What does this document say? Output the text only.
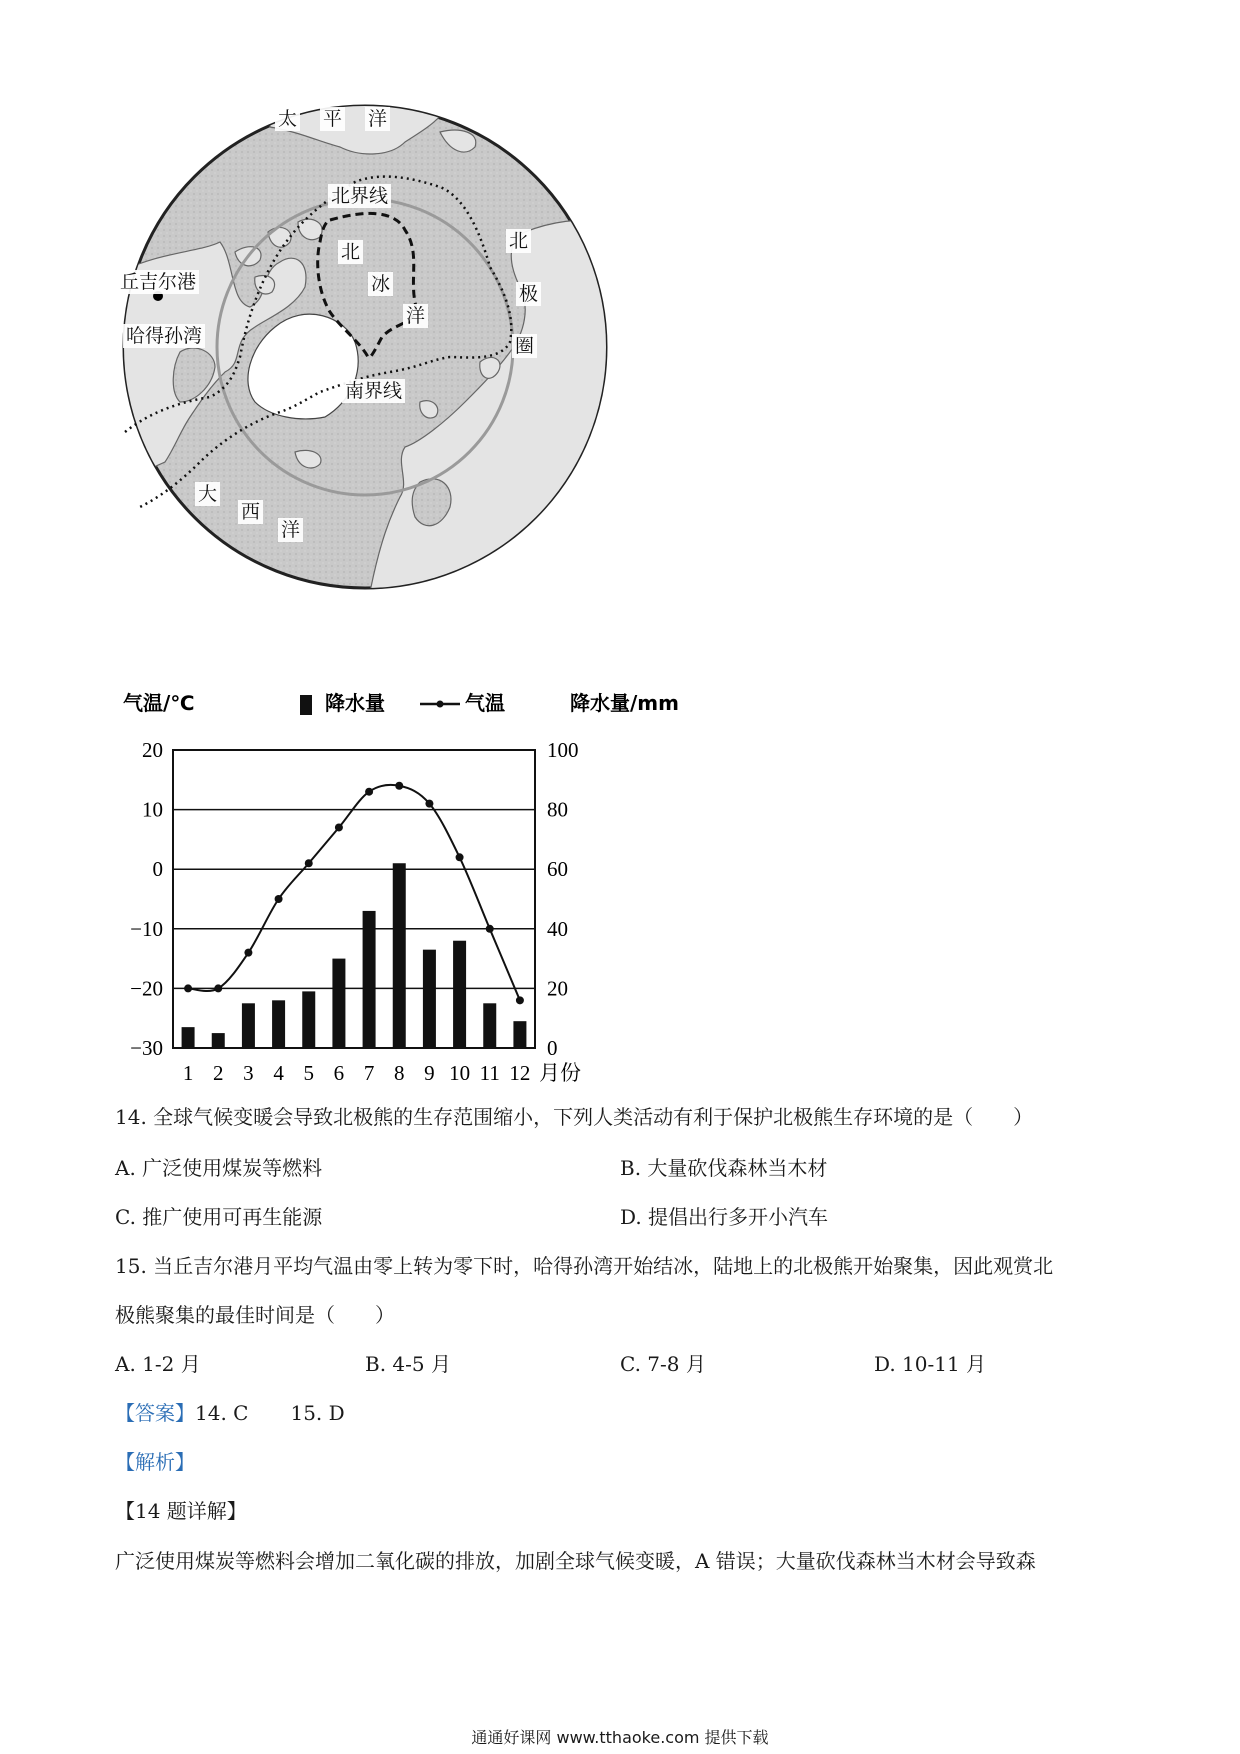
太 平 洋
北界线
北
冰
洋
北
极
圈
丘吉尔港
哈得孙湾
南界线
大
西
洋
气温/℃	降水量	气温	降水量/mm
20	100
10	80
0	60
−10	40
−20	20
−30	0
1 2 3 4 5 6 7 8 9 10 11 12 月份
14. 全球气候变暖会导致北极熊的生存范围缩小，下列人类活动有利于保护北极熊生存环境的是（　　）
A. 广泛使用煤炭等燃料	B. 大量砍伐森林当木材
C. 推广使用可再生能源	D. 提倡出行多开小汽车
15. 当丘吉尔港月平均气温由零上转为零下时，哈得孙湾开始结冰，陆地上的北极熊开始聚集，因此观赏北
极熊聚集的最佳时间是（　　）
A. 1-2 月	B. 4-5 月	C. 7-8 月	D. 10-11 月
【答案】14. C 15. D
【解析】
【14 题详解】
广泛使用煤炭等燃料会增加二氧化碳的排放，加剧全球气候变暖，A 错误；大量砍伐森林当木材会导致森
通通好课网 www.tthaoke.com 提供下载
